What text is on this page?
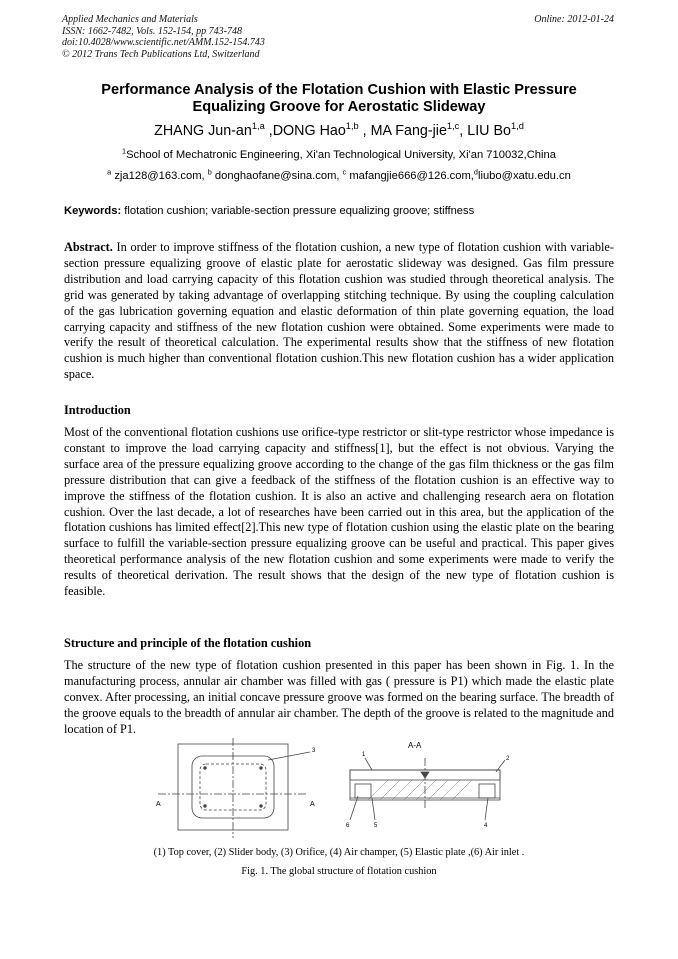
Applied Mechanics and Materials
ISSN: 1662-7482, Vols. 152-154, pp 743-748
doi:10.4028/www.scientific.net/AMM.152-154.743
© 2012 Trans Tech Publications Ltd, Switzerland
Online: 2012-01-24
Performance Analysis of the Flotation Cushion with Elastic Pressure
Equalizing Groove for Aerostatic Slideway
ZHANG Jun-an$^{1,a}$ ,DONG Hao$^{1,b}$ , MA Fang-jie$^{1,c}$, LIU Bo$^{1,d}$
$^1$School of Mechatronic Engineering, Xi'an Technological University, Xi'an 710032,China
$^a$ zja128@163.com, $^b$ donghaofane@sina.com, $^c$ mafangjie666@126.com,$^d$liubo@xatu.edu.cn
Keywords: flotation cushion; variable-section pressure equalizing groove; stiffness
Abstract. In order to improve stiffness of the flotation cushion, a new type of flotation cushion with variable-section pressure equalizing groove of elastic plate for aerostatic slideway was designed. Gas film pressure distribution and load carrying capacity of this flotation cushion was studied through theoretical analysis. The grid was generated by taking advantage of overlapping stitching technique. By using the coupling calculation of the gas lubrication governing equation and elastic deformation of thin plate governing equation, the load carrying capacity and stiffness of the new flotation cushion were obtained. Some experiments were made to verify the result of theoretical calculation. The experimental results show that the stiffness of new flotation cushion is much higher than conventional flotation cushion.This new flotation cushion has a wider application space.
Introduction
Most of the conventional flotation cushions use orifice-type restrictor or slit-type restrictor whose impedance is constant to improve the load carrying capacity and stiffness[1], but the effect is not obvious. Varying the surface area of the pressure equalizing groove according to the change of the gas film thickness or the gas film pressure distribution that can give a feedback of the stiffness of the flotation cushion is an effective way to improve the stiffness of the flotation cushion. It is also an active and challenging research aera on flotation cushion. Over the last decade, a lot of researches have been carried out in this area, but the application of the flotation cushions has limited effect[2].This new type of flotation cushion using the elastic plate on the bearing surface to fulfill the variable-section pressure equalizing groove can be useful and practical. This paper gives theoretical performance analysis of the new flotation cushion and some experiments were made to verify the results of theoretical derivation. The result shows that the design of the new type of flotation cushion is feasible.
Structure and principle of the flotation cushion
The structure of the new type of flotation cushion presented in this paper has been shown in Fig. 1. In the manufacturing process, annular air chamber was filled with gas ( pressure is P1) which made the elastic plate convex. After processing, an initial concave pressure groove was formed on the bearing surface. The breadth of the groove equals to the breadth of annular air chamber. The depth of the groove is related to the magnitude and location of P1.
A	A
3
A-A
1
2
6	5	4
(1) Top cover, (2) Slider body, (3) Orifice, (4) Air champer, (5) Elastic plate ,(6) Air inlet .
Fig. 1. The global structure of flotation cushion
